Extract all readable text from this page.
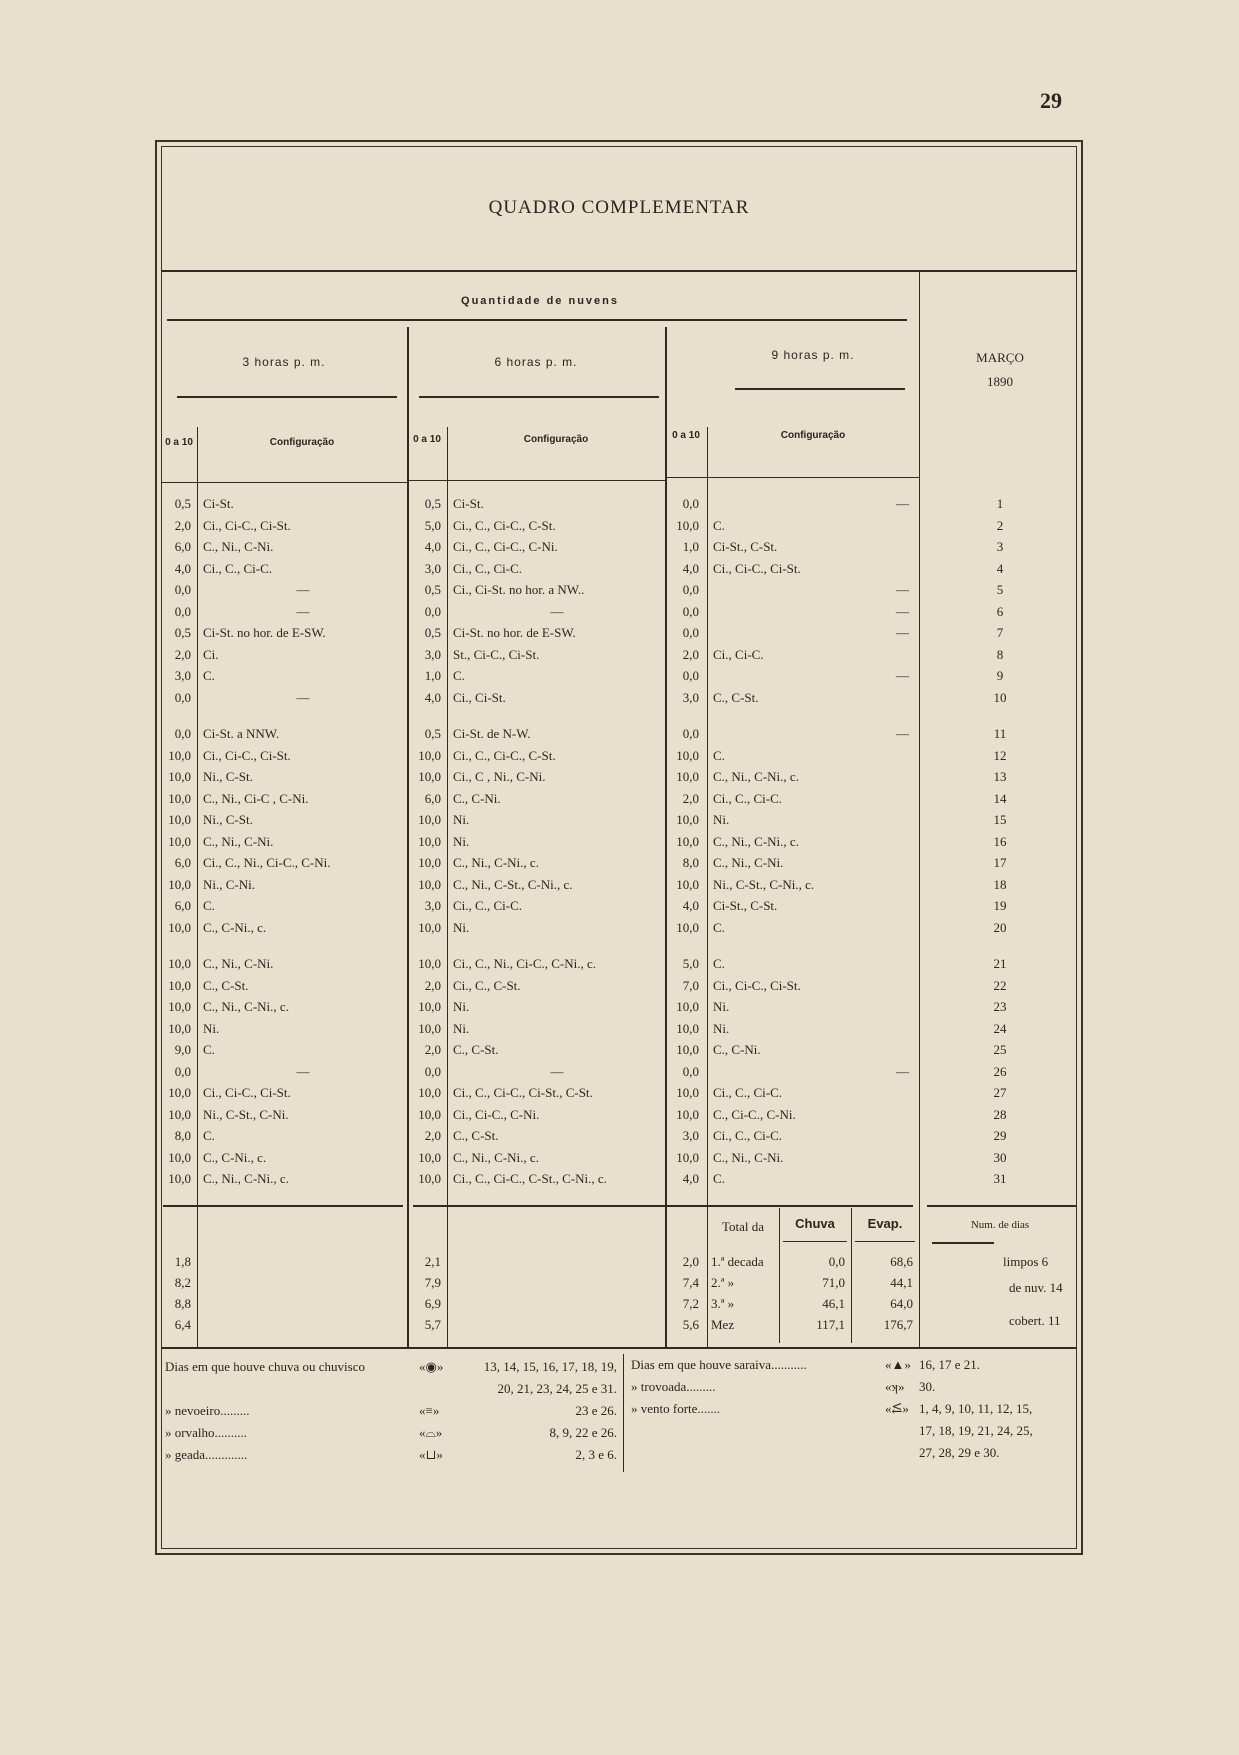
29
QUADRO COMPLEMENTAR
Quantidade de nuvens
3 horas p. m.	6 horas p. m.	9 horas p. m.	MARÇO
1890
0 a 10	Configuração	0 a 10	Configuração	0 a 10	Configuração
0,5 Ci-St.	0,5 Ci-St.	0,0	—	1
2,0 Ci., Ci-C., Ci-St.	5,0 Ci., C., Ci-C., C-St.	10,0 C.	2
6,0 C., Ni., C-Ni.	4,0 Ci., C., Ci-C., C-Ni.	1,0 Ci-St., C-St.	3
4,0 Ci., C., Ci-C.	3,0 Ci., C., Ci-C.	4,0 Ci., Ci-C., Ci-St.	4
0,0	—	0,5 Ci., Ci-St. no hor. a NW..	0,0	—	5
0,0	—	0,0	—	0,0	—	6
0,5 Ci-St. no hor. de E-SW.	0,5 Ci-St. no hor. de E-SW.	0,0	—	7
2,0 Ci.	3,0 St., Ci-C., Ci-St.	2,0 Ci., Ci-C.	8
3,0 C.	1,0 C.	0,0	—	9
0,0	—	4,0 Ci., Ci-St.	3,0 C., C-St.	10
0,0 Ci-St. a NNW.	0,5 Ci-St. de N-W.	0,0	—	11
10,0 Ci., Ci-C., Ci-St.	10,0 Ci., C., Ci-C., C-St.	10,0 C.	12
10,0 Ni., C-St.	10,0 Ci., C , Ni., C-Ni.	10,0 C., Ni., C-Ni., c.	13
10,0 C., Ni., Ci-C , C-Ni.	6,0 C., C-Ni.	2,0 Ci., C., Ci-C.	14
10,0 Ni., C-St.	10,0 Ni.	10,0 Ni.	15
10,0 C., Ni., C-Ni.	10,0 Ni.	10,0 C., Ni., C-Ni., c.	16
6,0 Ci., C., Ni., Ci-C., C-Ni.	10,0 C., Ni., C-Ni., c.	8,0 C., Ni., C-Ni.	17
10,0 Ni., C-Ni.	10,0 C., Ni., C-St., C-Ni., c.	10,0 Ni., C-St., C-Ni., c.	18
6,0 C.	3,0 Ci., C., Ci-C.	4,0 Ci-St., C-St.	19
10,0 C., C-Ni., c.	10,0 Ni.	10,0 C.	20
10,0 C., Ni., C-Ni.	10,0 Ci., C., Ni., Ci-C., C-Ni., c.	5,0 C.	21
10,0 C., C-St.	2,0 Ci., C., C-St.	7,0 Ci., Ci-C., Ci-St.	22
10,0 C., Ni., C-Ni., c.	10,0 Ni.	10,0 Ni.	23
10,0 Ni.	10,0 Ni.	10,0 Ni.	24
9,0 C.	2,0 C., C-St.	10,0 C., C-Ni.	25
0,0	—	0,0	—	0,0	—	26
10,0 Ci., Ci-C., Ci-St.	10,0 Ci., C., Ci-C., Ci-St., C-St.	10,0 Ci., C., Ci-C.	27
10,0 Ni., C-St., C-Ni.	10,0 Ci., Ci-C., C-Ni.	10,0 C., Ci-C., C-Ni.	28
8,0 C.	2,0 C., C-St.	3,0 Ci., C., Ci-C.	29
10,0 C., C-Ni., c.	10,0 C., Ni., C-Ni., c.	10,0 C., Ni., C-Ni.	30
10,0 C., Ni., C-Ni., c.	10,0 Ci., C., Ci-C., C-St., C-Ni., c.	4,0 C.	31
Total da	Chuva	Evap.	Num. de dias
1,8	2,1	2,0 1.ª decada	0,0	68,6
8,2	7,9	7,4 2.ª »	71,0	44,1
8,8	6,9	7,2 3.ª »	46,1	64,0
6,4	5,7	5,6 Mez	117,1	176,7
limpos 6
de nuv. 14
cobert. 11
Dias em que houve chuva ou chuvisco	«◉»	13, 14, 15, 16, 17, 18, 19,
20, 21, 23, 24, 25 e 31.
» nevoeiro.........	«≡»	23 e 26.
» orvalho..........	«⌓»	8, 9, 22 e 26.
» geada.............	«⊔»	2, 3 e 6.
Dias em que houve saraiva...........	«▲» 16, 17 e 21.
» trovoada.........	«ʞ» 30.
» vento forte.......	«⥶» 1, 4, 9, 10, 11, 12, 15,
17, 18, 19, 21, 24, 25,
27, 28, 29 e 30.
